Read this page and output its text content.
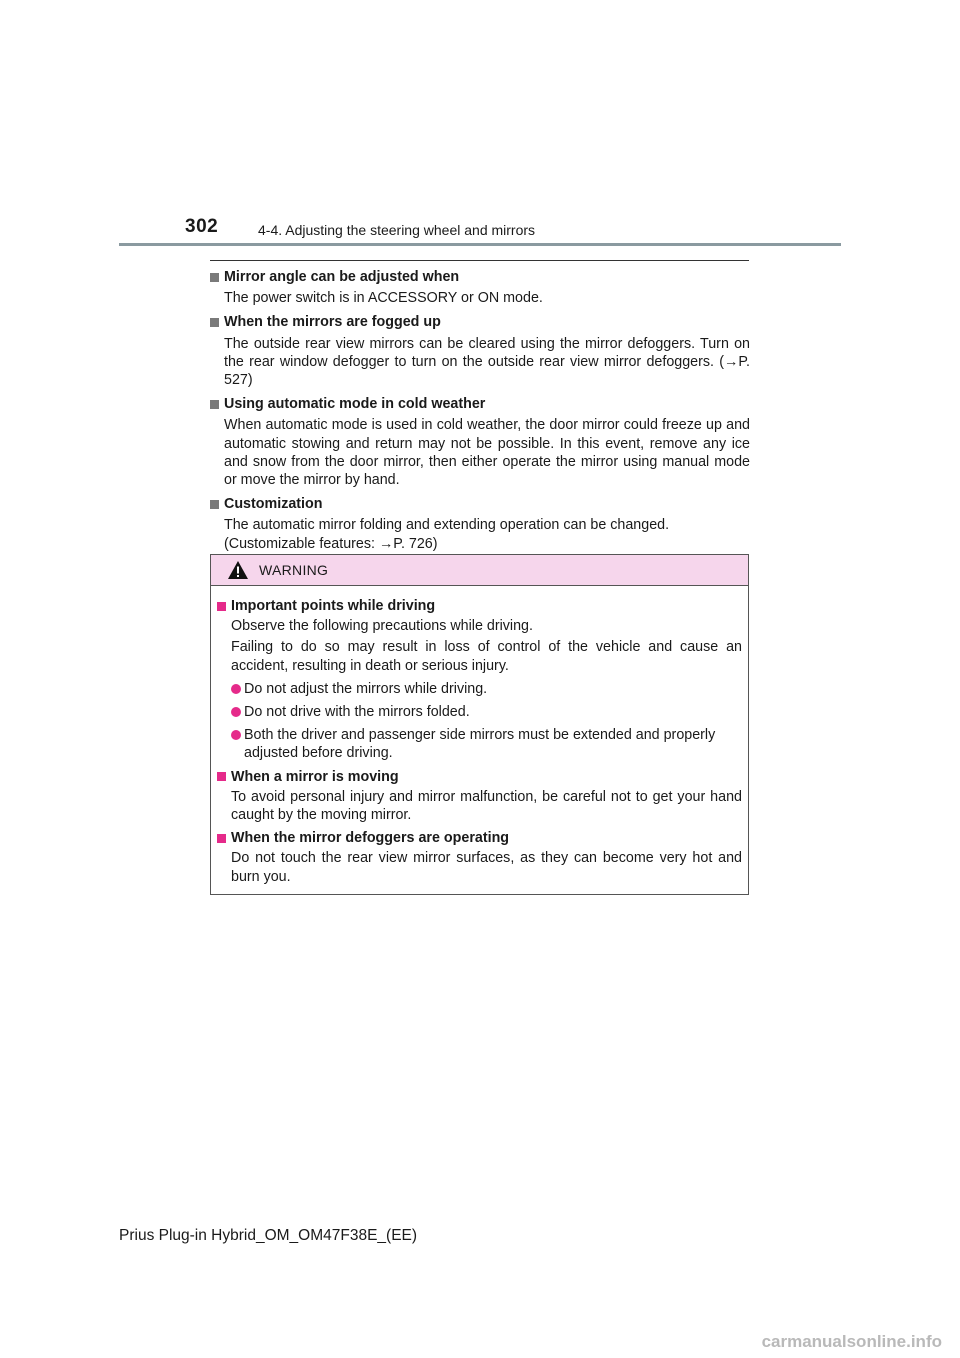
302	4-4. Adjusting the steering wheel and mirrors
Mirror angle can be adjusted when

The power switch is in ACCESSORY or ON mode.

When the mirrors are fogged up

The outside rear view mirrors can be cleared using the mirror defoggers. Turn on the rear window defogger to turn on the outside rear view mirror defoggers. (→P. 527)

Using automatic mode in cold weather

When automatic mode is used in cold weather, the door mirror could freeze up and automatic stowing and return may not be possible. In this event, remove any ice and snow from the door mirror, then either operate the mirror using manual mode or move the mirror by hand.

Customization

The automatic mirror folding and extending operation can be changed.

(Customizable features: →P. 726)

WARNING
Important points while driving

Observe the following precautions while driving.

Failing to do so may result in loss of control of the vehicle and cause an accident, resulting in death or serious injury.

Do not adjust the mirrors while driving.
Do not drive with the mirrors folded.
Both the driver and passenger side mirrors must be extended and properly adjusted before driving.
When a mirror is moving

To avoid personal injury and mirror malfunction, be careful not to get your hand caught by the moving mirror.

When the mirror defoggers are operating

Do not touch the rear view mirror surfaces, as they can become very hot and burn you.

Prius Plug-in Hybrid_OM_OM47F38E_(EE)
carmanualsonline.info
